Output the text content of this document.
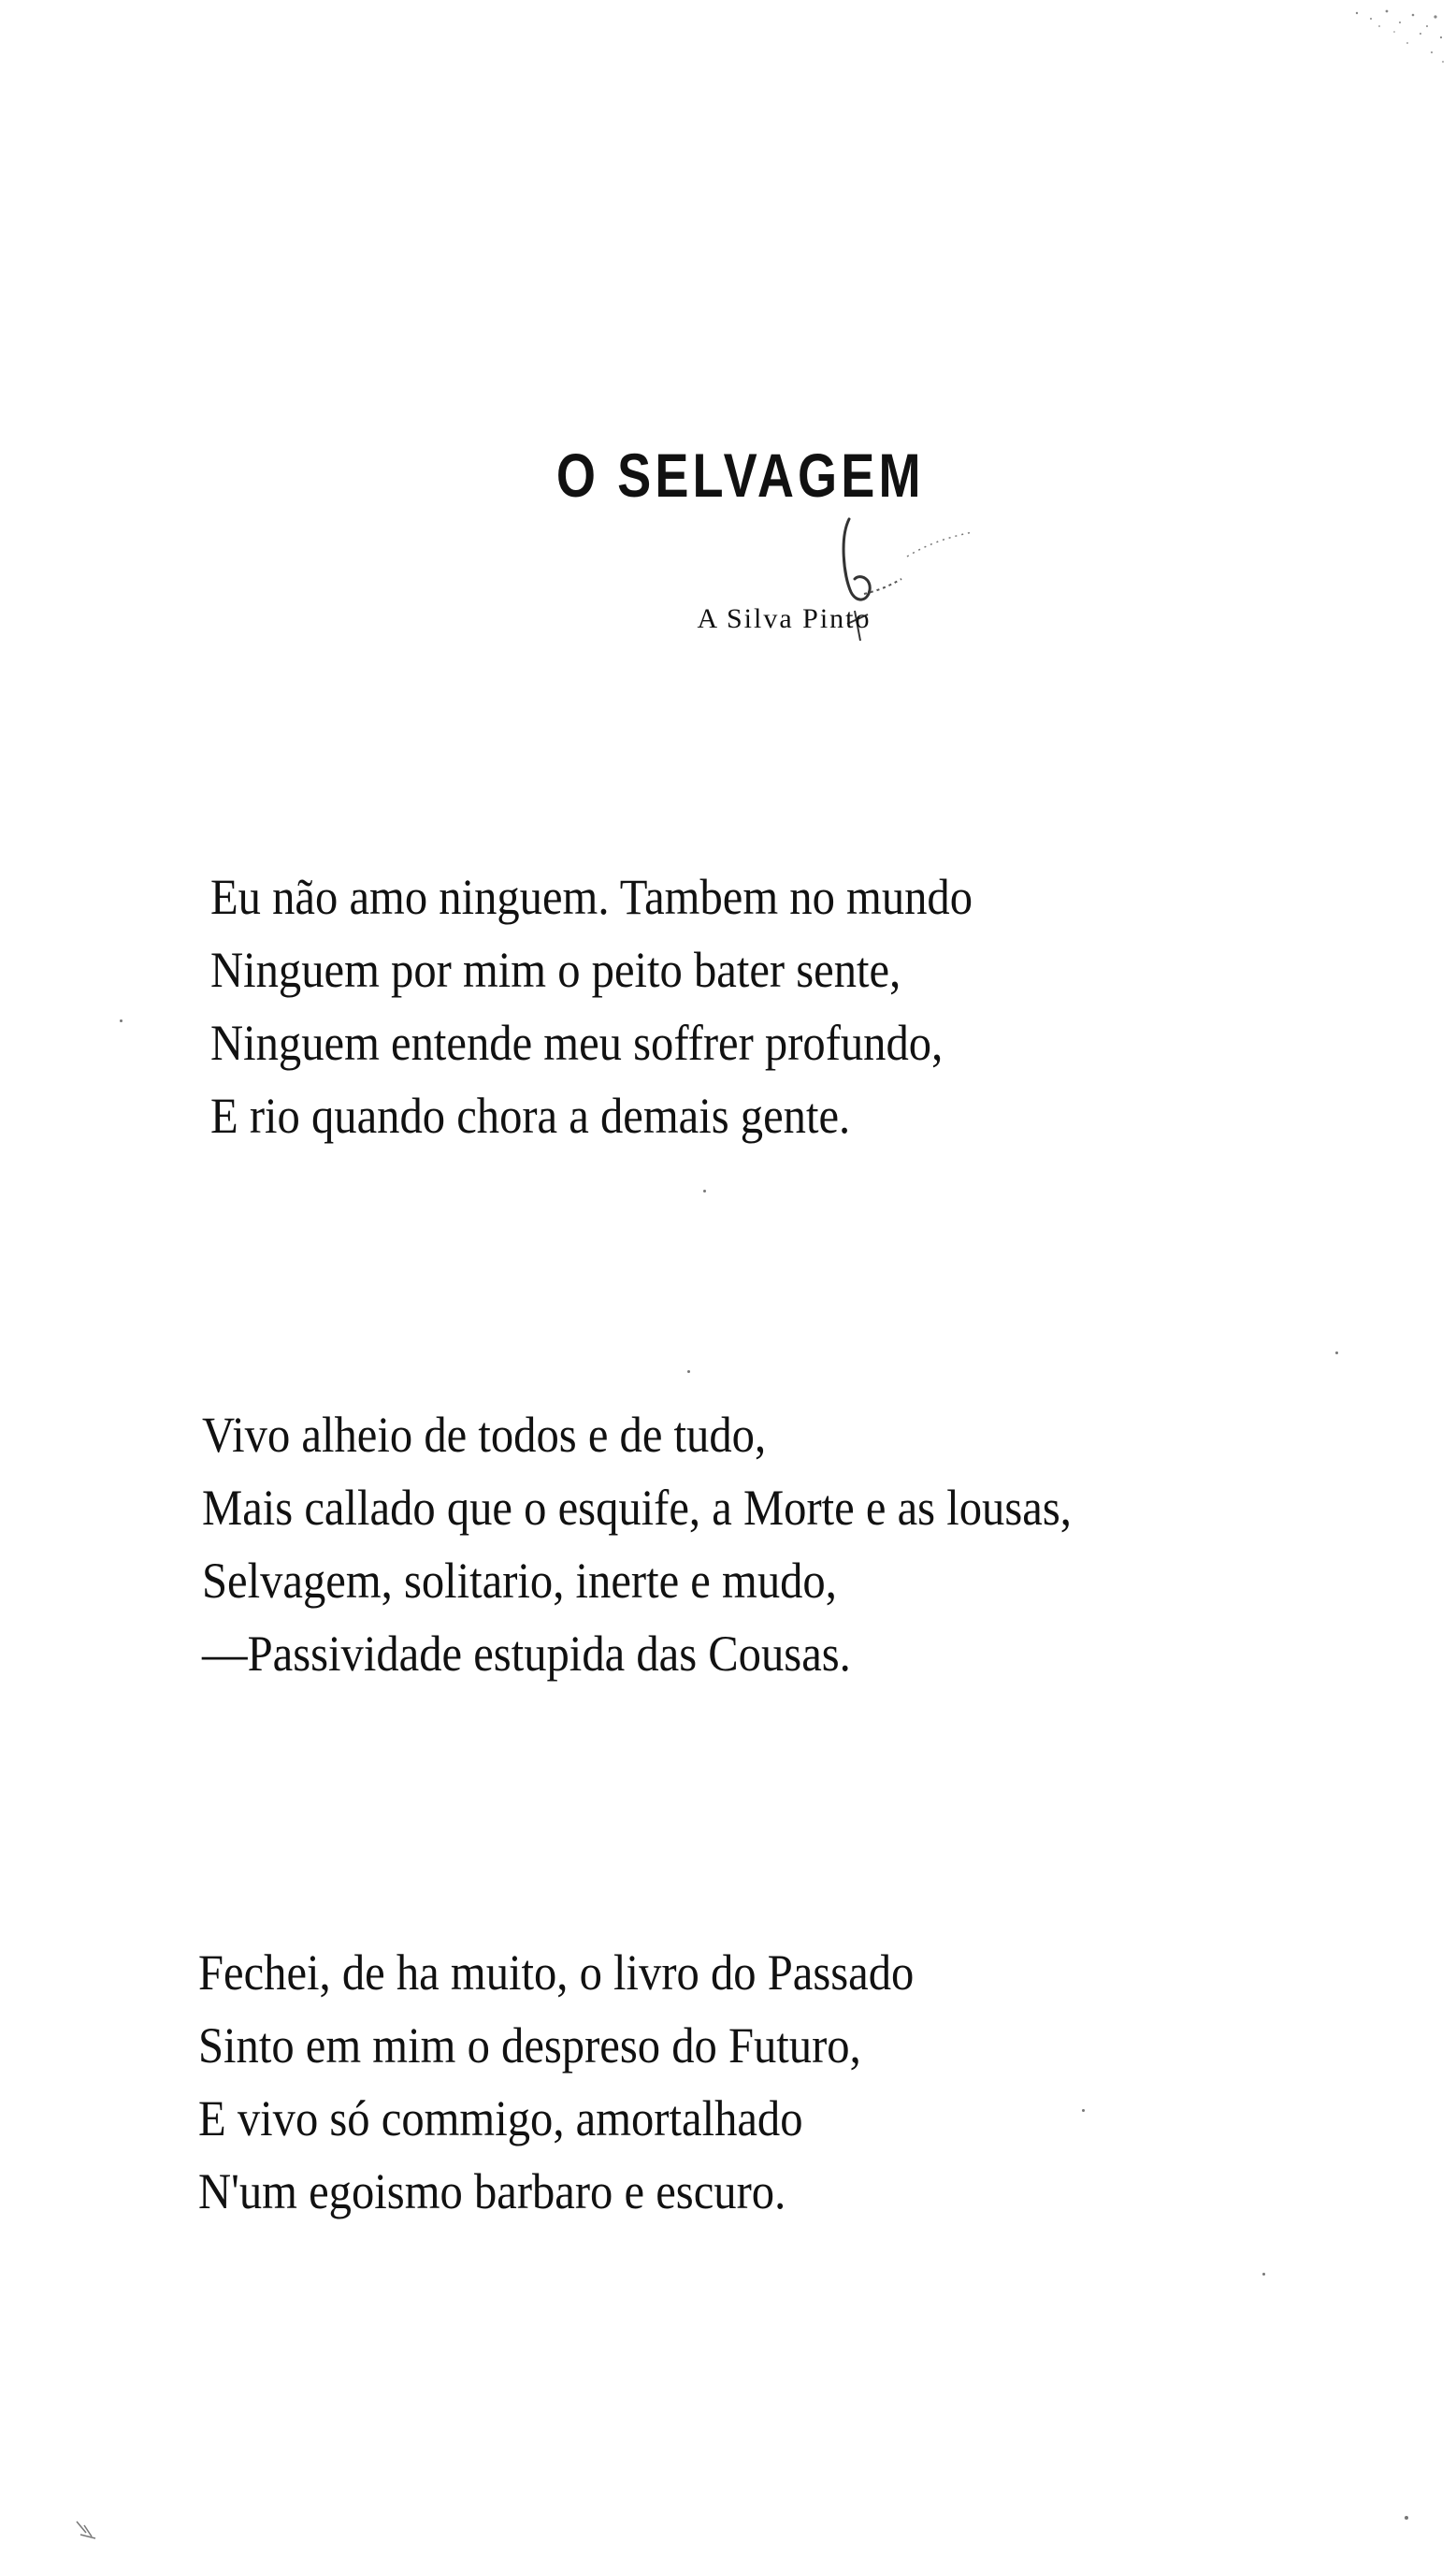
O SELVAGEM
A Silva Pinto

Eu não amo ninguem. Tambem no mundo
Ninguem por mim o peito bater sente,
Ninguem entende meu soffrer profundo,
E rio quando chora a demais gente.

Vivo alheio de todos e de tudo,
Mais callado que o esquife, a Morte e as lousas,
Selvagem, solitario, inerte e mudo,
—Passividade estupida das Cousas.

Fechei, de ha muito, o livro do Passado
Sinto em mim o despreso do Futuro,
E vivo só commigo, amortalhado
N'um egoismo barbaro e escuro.
